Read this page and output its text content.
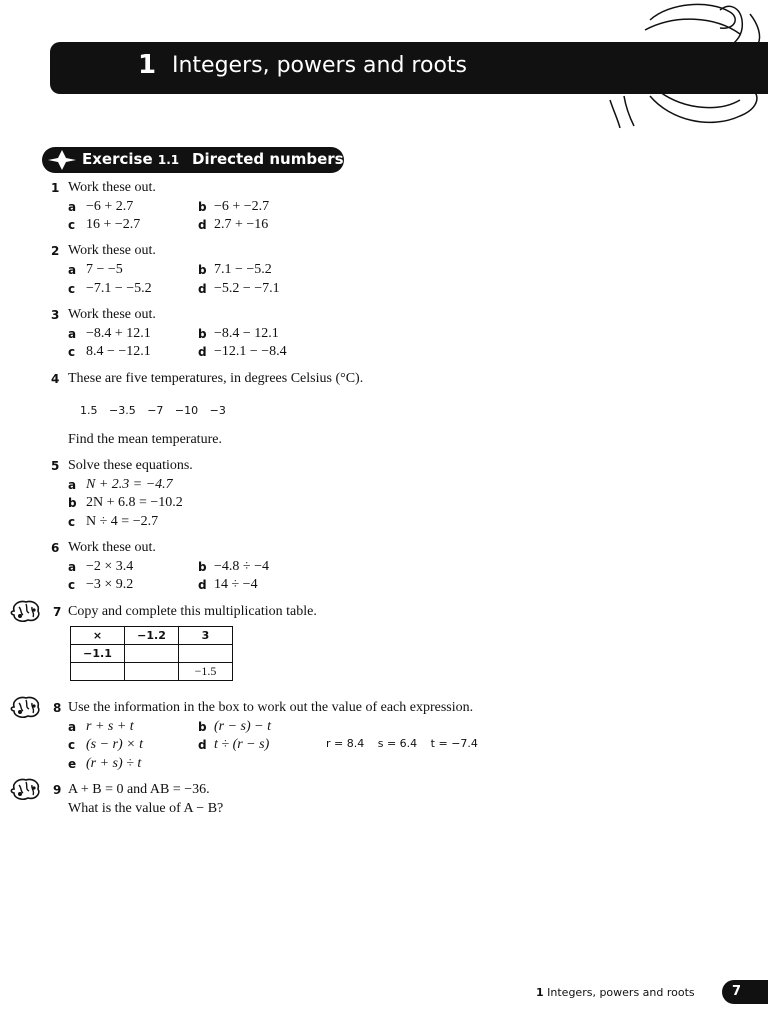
1 Integers, powers and roots
Exercise 1.1 Directed numbers
1 Work these out.
a −6 + 2.7	b −6 + −2.7
c 16 + −2.7	d 2.7 + −16
2 Work these out.
a 7 − −5	b 7.1 − −5.2
c −7.1 − −5.2	d −5.2 − −7.1
3 Work these out.
a −8.4 + 12.1	b −8.4 − 12.1
c 8.4 − −12.1	d −12.1 − −8.4
4 These are five temperatures, in degrees Celsius (°C).
1.5 −3.5 −7 −10 −3
Find the mean temperature.
5 Solve these equations.
a N + 2.3 = −4.7
b 2N + 6.8 = −10.2
c N ÷ 4 = −2.7
6 Work these out.
a −2 × 3.4	b −4.8 ÷ −4
c −3 × 9.2	d 14 ÷ −4
7 Copy and complete this multiplication table.
×	−1.2	3
−1.1		
		−1.5
8 Use the information in the box to work out the value of each expression.
a r + s + t	b (r − s) − t
c (s − r) × t	d t ÷ (r − s)	r = 8.4 s = 6.4 t = −7.4
e (r + s) ÷ t
9 A + B = 0 and AB = −36.
What is the value of A − B?
1 Integers, powers and roots	7
